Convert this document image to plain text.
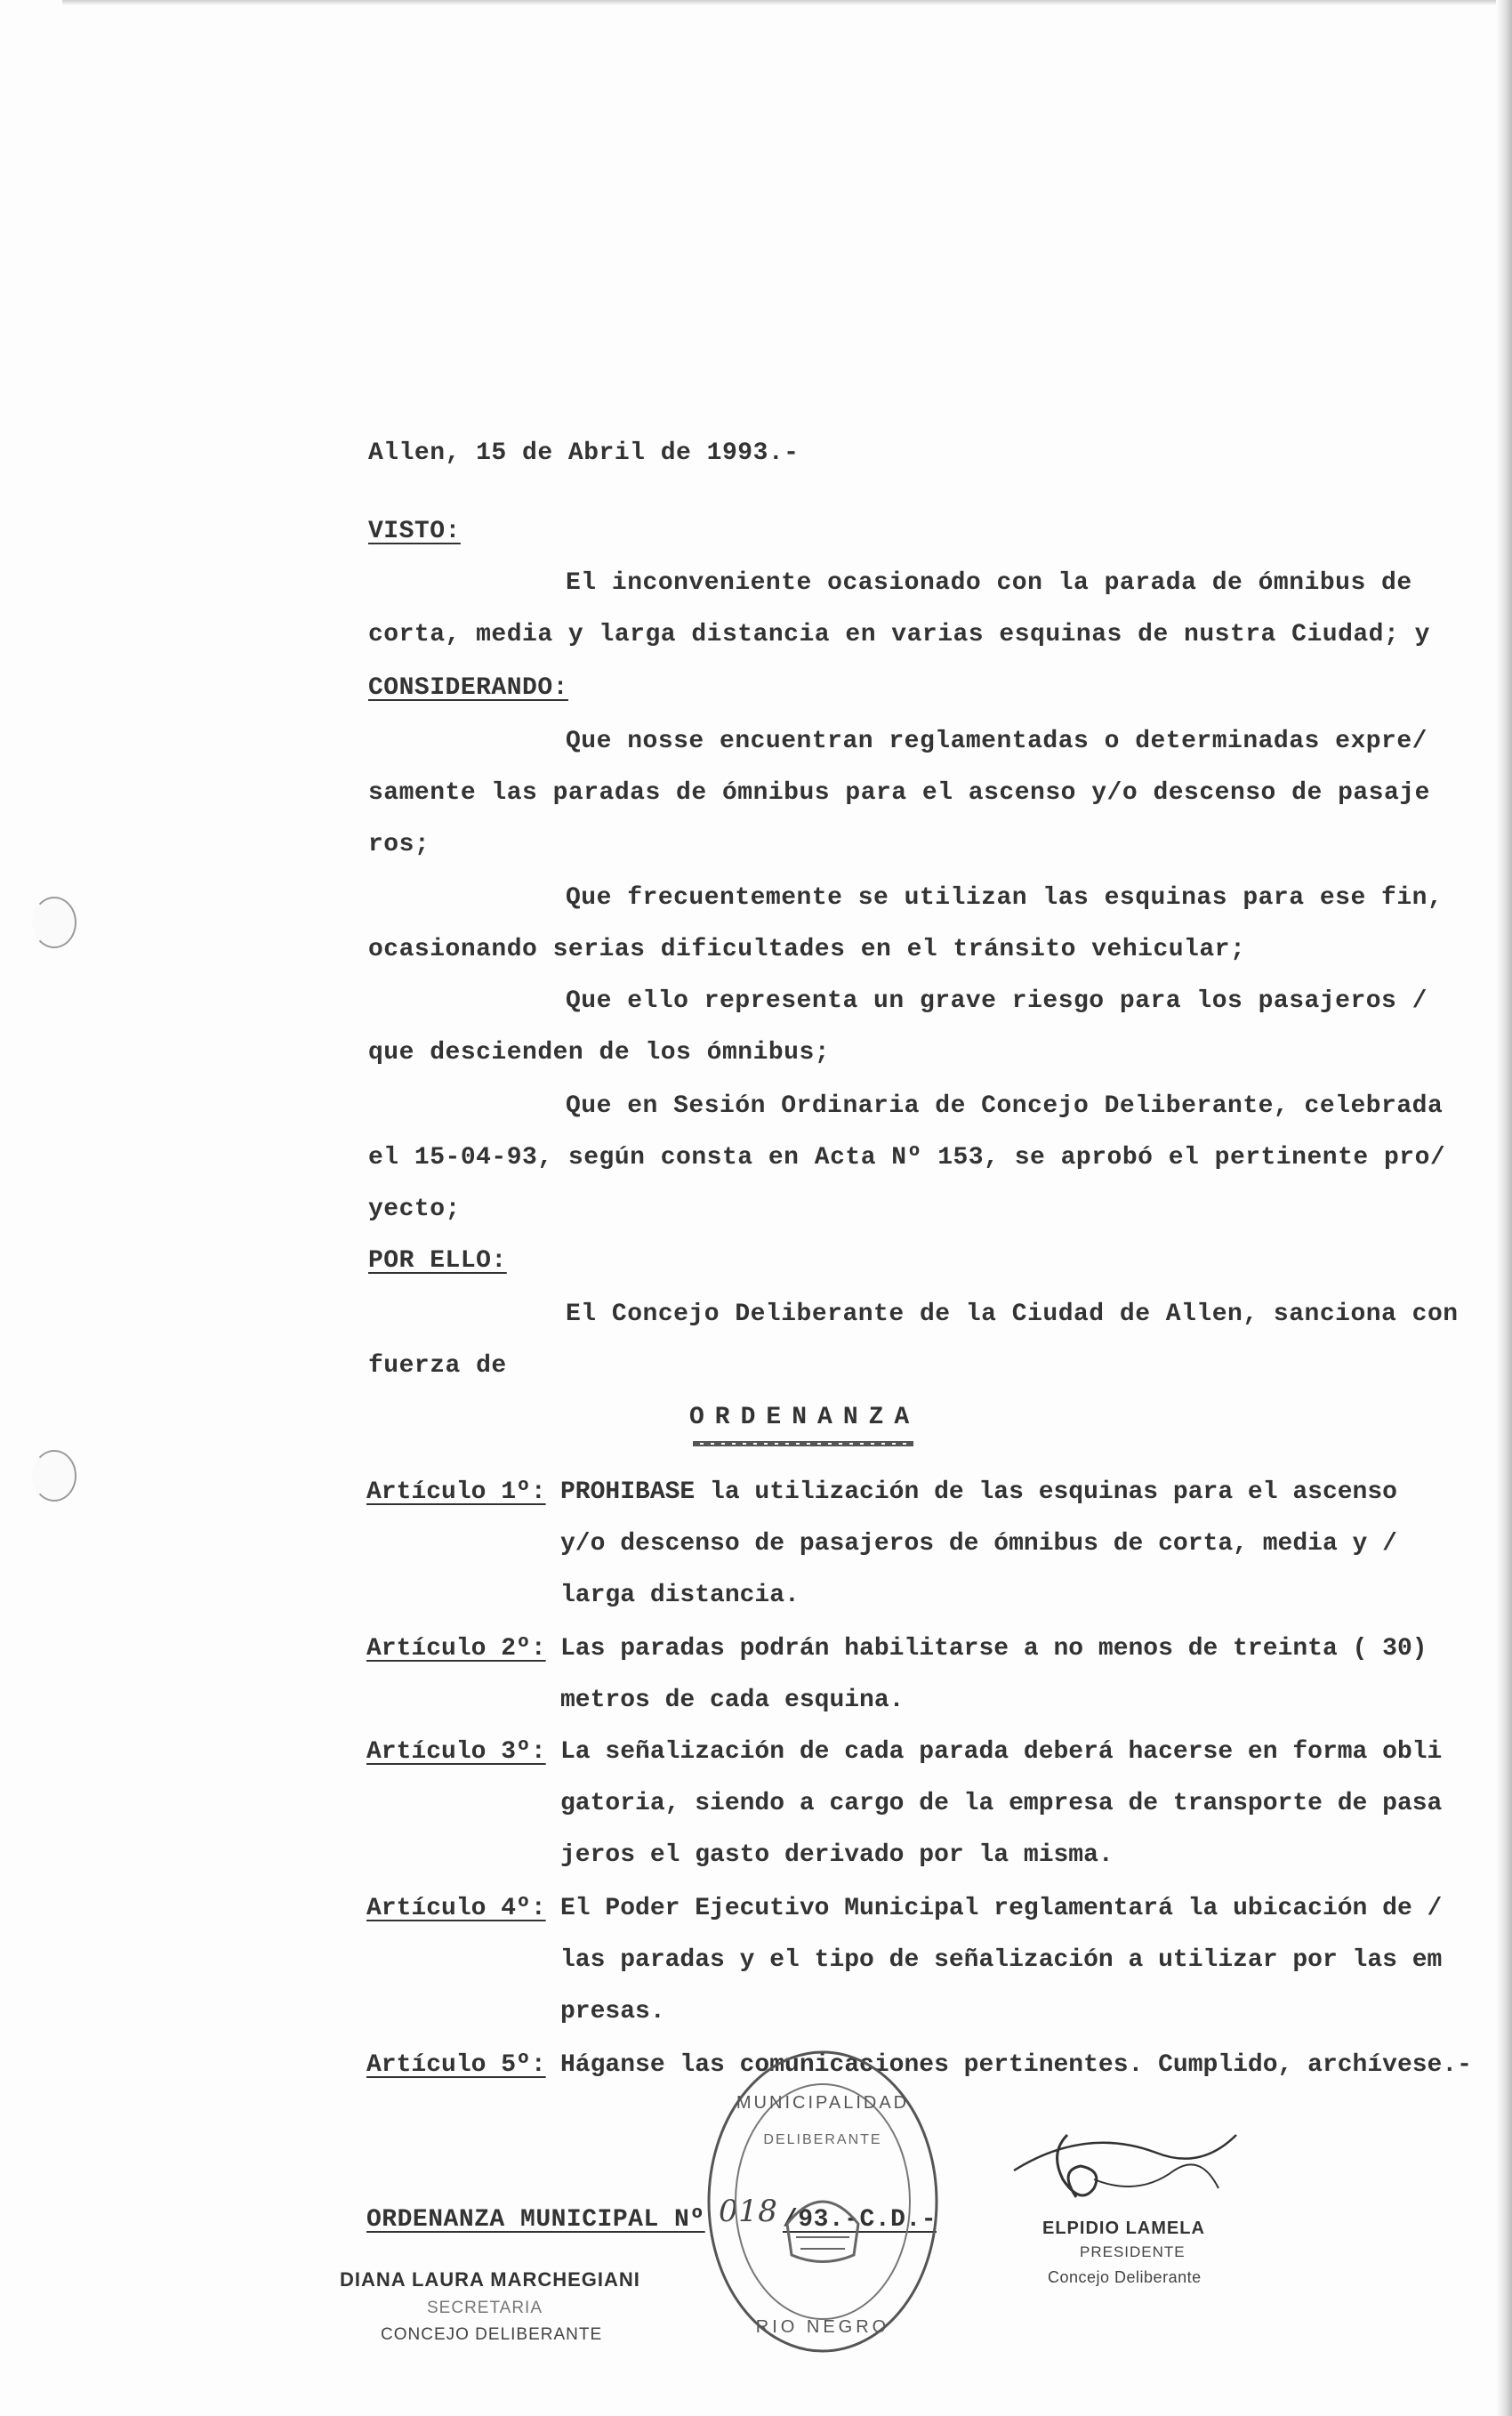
Allen, 15 de Abril de 1993.-
VISTO:
El inconveniente ocasionado con la parada de ómnibus de
corta, media y larga distancia en varias esquinas de nustra Ciudad; y
CONSIDERANDO:
Que nosse encuentran reglamentadas o determinadas expre/
samente las paradas de ómnibus para el ascenso y/o descenso de pasaje
ros;
Que frecuentemente se utilizan las esquinas para ese fin,
ocasionando serias dificultades en el tránsito vehicular;
Que ello representa un grave riesgo para los pasajeros /
que descienden de los ómnibus;
Que en Sesión Ordinaria de Concejo Deliberante, celebrada
el 15-04-93, según consta en Acta Nº 153, se aprobó el pertinente pro/
yecto;
POR ELLO:
El Concejo Deliberante de la Ciudad de Allen, sanciona con
fuerza de
ORDENANZA
Artículo 1º: PROHIBASE la utilización de las esquinas para el ascenso
y/o descenso de pasajeros de ómnibus de corta, media y /
larga distancia.
Artículo 2º: Las paradas podrán habilitarse a no menos de treinta ( 30)
metros de cada esquina.
Artículo 3º: La señalización de cada parada deberá hacerse en forma obli
gatoria, siendo a cargo de la empresa de transporte de pasa
jeros el gasto derivado por la misma.
Artículo 4º: El Poder Ejecutivo Municipal reglamentará la ubicación de /
las paradas y el tipo de señalización a utilizar por las em
presas.
Artículo 5º: Háganse las comunicaciones pertinentes. Cumplido, archívese.-
ORDENANZA MUNICIPAL Nº 018 /93.-C.D.-
MUNICIPALIDAD
DELIBERANTE
RIO NEGRO
DIANA LAURA MARCHEGIANI
SECRETARIA
CONCEJO DELIBERANTE
ELPIDIO LAMELA
PRESIDENTE
Concejo Deliberante
